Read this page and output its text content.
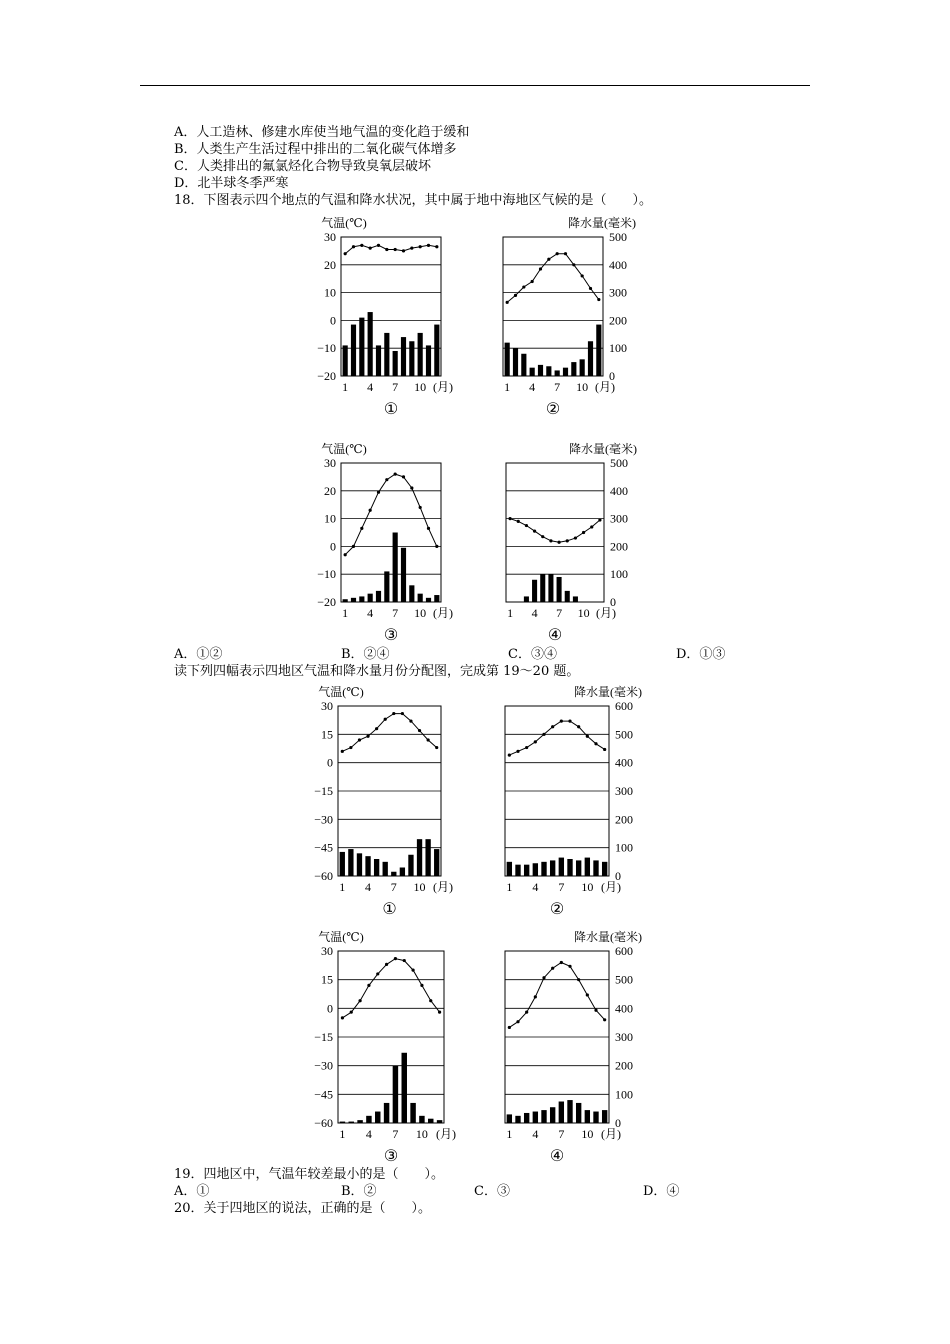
A．人工造林、修建水库使当地气温的变化趋于缓和
B．人类生产生活过程中排出的二氧化碳气体增多
C．人类排出的氟氯烃化合物导致臭氧层破坏
D．北半球冬季严寒
18．下图表示四个地点的气温和降水状况，其中属于地中海地区气候的是（　　）。
A．①②	B．②④	C．③④	D．①③
读下列四幅表示四地区气温和降水量月份分配图，完成第 19～20 题。
19．四地区中，气温年较差最小的是（　　）。
A．①	B．②	C．③	D．④
20．关于四地区的说法，正确的是（　　）。
30
20
10
0
−10
−20
气温(℃)
1 4 7 10 (月)
①
500
400
300
200
100
0
降水量(毫米)
1 4 7 10 (月)
②
30
20
10
0
−10
−20
气温(℃)
1 4 7 10 (月)
③
500
400
300
200
100
0
降水量(毫米)
1 4 7 10 (月)
④
30
15
0
−15
−30
−45
−60
气温(℃)
1 4 7 10 (月)
①
600
500
400
300
200
100
0
降水量(毫米)
1 4 7 10 (月)
②
30
15
0
−15
−30
−45
−60
气温(℃)
1 4 7 10 (月)
③
600
500
400
300
200
100
0
降水量(毫米)
1 4 7 10 (月)
④
